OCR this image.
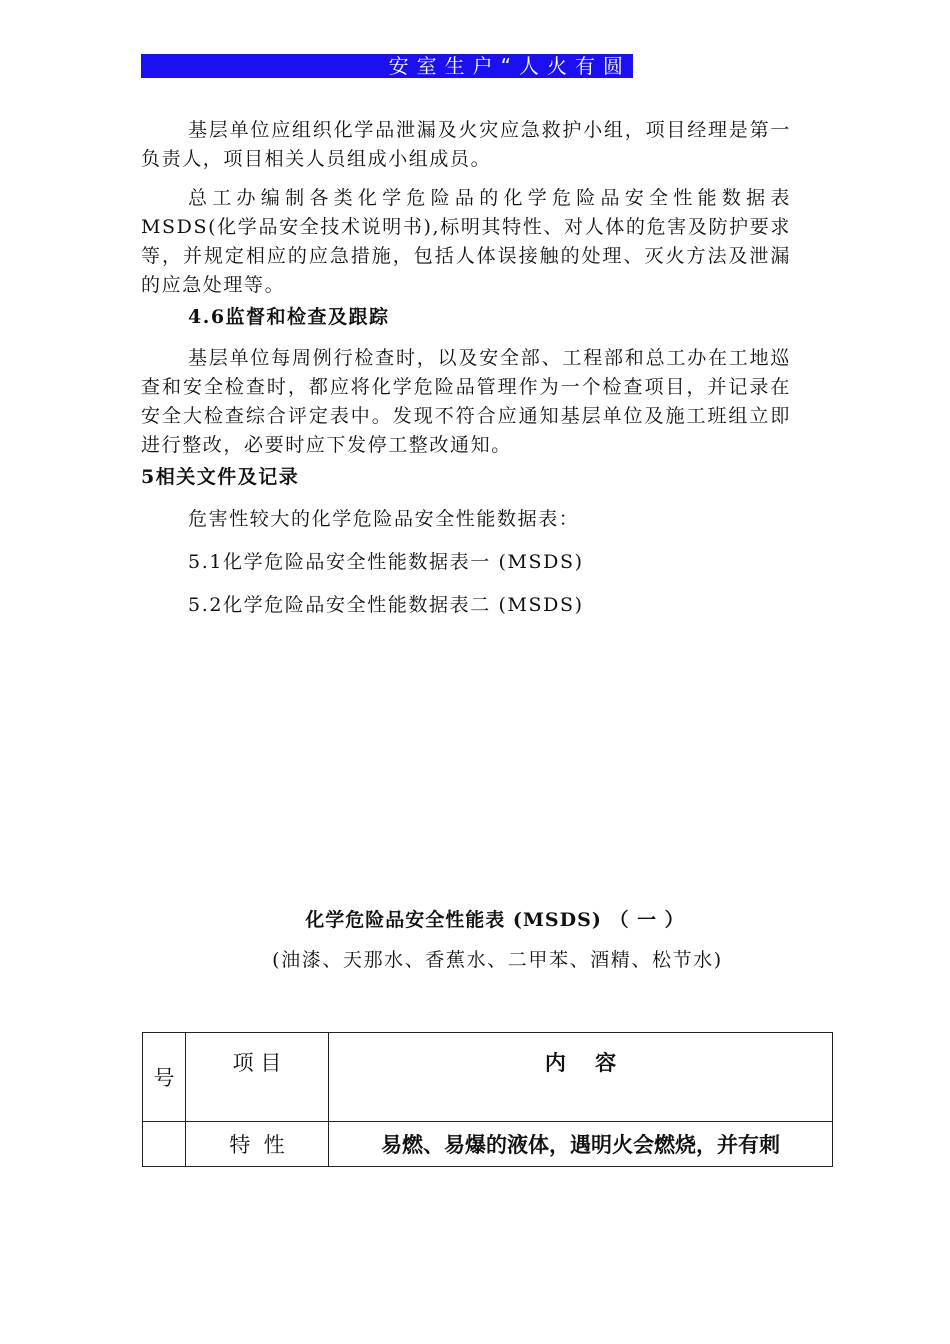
安室生户“人火有圆

基层单位应组织化学品泄漏及火灾应急救护小组，项目经理是第一负责人，项目相关人员组成小组成员。

总工办编制各类化学危险品的化学危险品安全性能数据表MSDS(化学品安全技术说明书),标明其特性、对人体的危害及防护要求等，并规定相应的应急措施，包括人体误接触的处理、灭火方法及泄漏的应急处理等。

4.6监督和检查及跟踪

基层单位每周例行检查时，以及安全部、工程部和总工办在工地巡查和安全检查时，都应将化学危险品管理作为一个检查项目，并记录在安全大检查综合评定表中。发现不符合应通知基层单位及施工班组立即进行整改，必要时应下发停工整改通知。

5相关文件及记录

危害性较大的化学危险品安全性能数据表：

5.1化学危险品安全性能数据表一 (MSDS)

5.2化学危险品安全性能数据表二 (MSDS)

化学危险品安全性能表 (MSDS) （ 一 ）

(油漆、天那水、香蕉水、二甲苯、酒精、松节水)

号	项 目	内    容
	特  性	易燃、易爆的液体，遇明火会燃烧，并有刺
